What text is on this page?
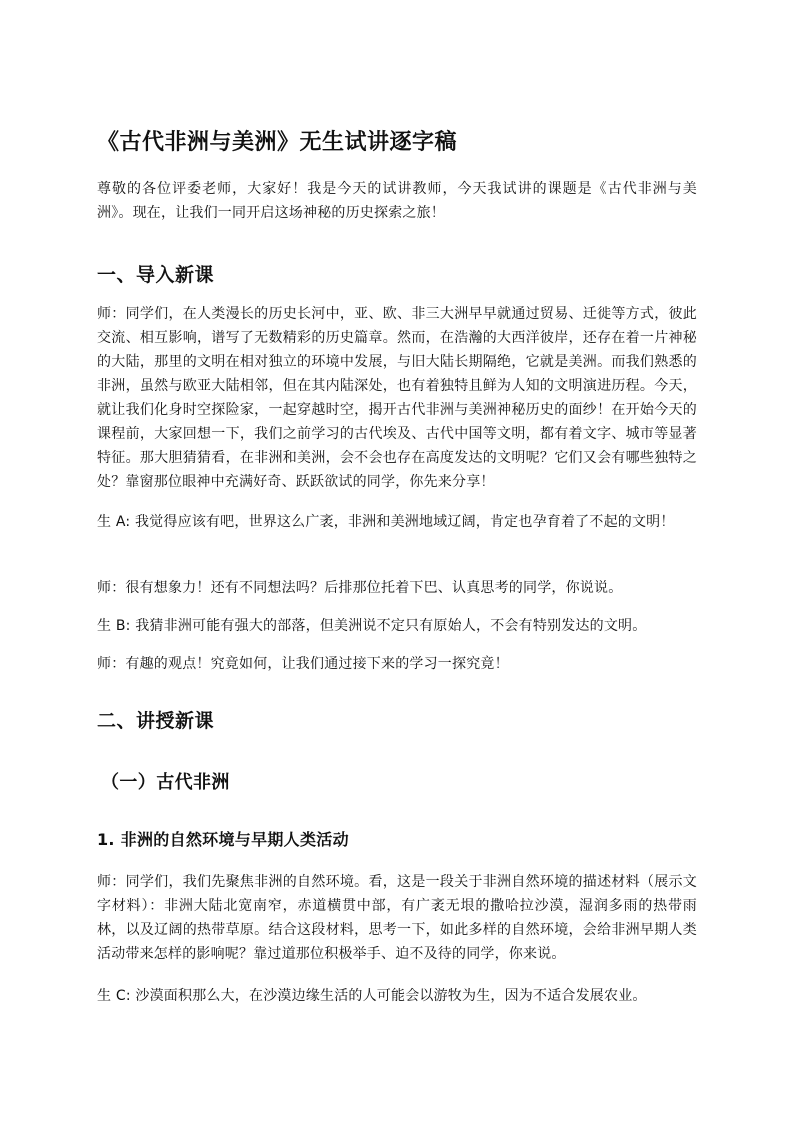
《古代非洲与美洲》无生试讲逐字稿

尊敬的各位评委老师，大家好！我是今天的试讲教师，今天我试讲的课题是《古代非洲与美洲》。现在，让我们一同开启这场神秘的历史探索之旅！

一、导入新课

师：同学们，在人类漫长的历史长河中，亚、欧、非三大洲早早就通过贸易、迁徙等方式，彼此交流、相互影响，谱写了无数精彩的历史篇章。然而，在浩瀚的大西洋彼岸，还存在着一片神秘的大陆，那里的文明在相对独立的环境中发展，与旧大陆长期隔绝，它就是美洲。而我们熟悉的非洲，虽然与欧亚大陆相邻，但在其内陆深处，也有着独特且鲜为人知的文明演进历程。今天，就让我们化身时空探险家，一起穿越时空，揭开古代非洲与美洲神秘历史的面纱！在开始今天的课程前，大家回想一下，我们之前学习的古代埃及、古代中国等文明，都有着文字、城市等显著特征。那大胆猜猜看，在非洲和美洲，会不会也存在高度发达的文明呢？它们又会有哪些独特之处？靠窗那位眼神中充满好奇、跃跃欲试的同学，你先来分享！

生 A: 我觉得应该有吧，世界这么广袤，非洲和美洲地域辽阔，肯定也孕育着了不起的文明！

师：很有想象力！还有不同想法吗？后排那位托着下巴、认真思考的同学，你说说。

生 B: 我猜非洲可能有强大的部落，但美洲说不定只有原始人，不会有特别发达的文明。

师：有趣的观点！究竟如何，让我们通过接下来的学习一探究竟！

二、讲授新课
（一）古代非洲
1. 非洲的自然环境与早期人类活动

师：同学们，我们先聚焦非洲的自然环境。看，这是一段关于非洲自然环境的描述材料（展示文字材料）：非洲大陆北宽南窄，赤道横贯中部，有广袤无垠的撒哈拉沙漠，湿润多雨的热带雨林，以及辽阔的热带草原。结合这段材料，思考一下，如此多样的自然环境，会给非洲早期人类活动带来怎样的影响呢？靠过道那位积极举手、迫不及待的同学，你来说。

生 C: 沙漠面积那么大，在沙漠边缘生活的人可能会以游牧为生，因为不适合发展农业。
